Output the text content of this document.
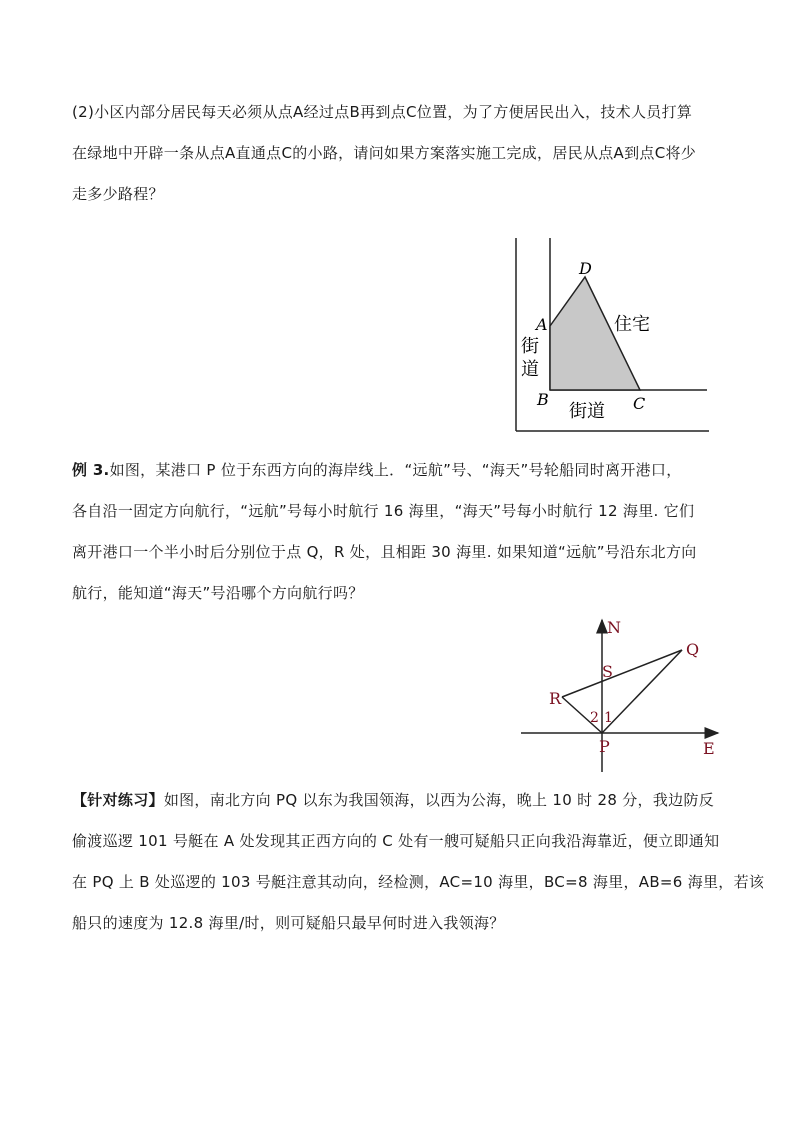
(2)小区内部分居民每天必须从点A经过点B再到点C位置，为了方便居民出入，技术人员打算
在绿地中开辟一条从点A直通点C的小路，请问如果方案落实施工完成，居民从点A到点C将少
走多少路程？
D
A
B	C
街
道
街道
住宅
例 3.如图，某港口 P 位于东西方向的海岸线上．“远航”号、“海天”号轮船同时离开港口，
各自沿一固定方向航行，“远航”号每小时航行 16 海里，“海天”号每小时航行 12 海里. 它们
离开港口一个半小时后分别位于点 Q，R 处，且相距 30 海里. 如果知道“远航”号沿东北方向
航行，能知道“海天”号沿哪个方向航行吗？
N
Q
S
R
2 1
P	E
【针对练习】如图，南北方向 PQ 以东为我国领海，以西为公海，晚上 10 时 28 分，我边防反
偷渡巡逻 101 号艇在 A 处发现其正西方向的 C 处有一艘可疑船只正向我沿海靠近，便立即通知
在 PQ 上 B 处巡逻的 103 号艇注意其动向，经检测，AC=10 海里，BC=8 海里，AB=6 海里，若该
船只的速度为 12.8 海里/时，则可疑船只最早何时进入我领海？
